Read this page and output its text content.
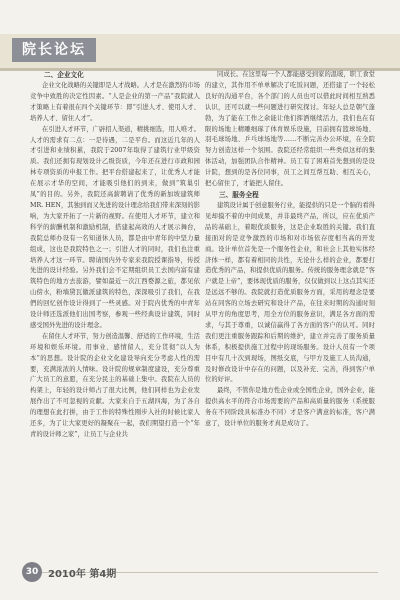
院长论坛
二、企业文化

企业文化战略的关键即是人才战略。人才是在激烈的市场竞争中致胜的决定性因素。“人是企业的第一产品”我院就人才策略上有着很在四个关键环节：即“引进人才、使用人才、培养人才、留住人才”。

在引进人才环节，广辟招人渠道，精挑细选，用人唯才。人才的需求有二点：一是待遇，二是平台。而这近几年的人才引进和业绩积累，我院于2007年取得了建筑行业甲级资质。我们还拥有现划设计乙级资质，今年还在进行市政和园林专项资质的申报工作。把平台搭建起来了，让优秀人才能在展示才华的空间，才能吸引他们的到来，做到“筑巢引凤”的目的。另外，我院还高薪聘请了优秀的新加坡建筑师MR. HEN，其独到而又先进的设计理念给我们带来深刻的影响，为大家开拓了一片新的视野。在使用人才环节，建立和科学的薪酬机制和激励机制，搭建起高效的人才展示舞台，我院总师办设有一名知道休人员，都是由中青年的中坚力量组成，这也是我院特色之一；引进人才的同时，我们也注重培养人才这一环节。聘请国内外专家来我院授课指导，传授先进的设计经验。另外我们会不定期组织员工去国内富有建筑特色的地方去旅游，譬如最近一次江西婺源之旅，都见依山傍水，粉墙黛瓦徽派建筑的特色，深深吸引了我们，在我們的回忆创作设计得到了一些灵感。对于院内优秀的中青年设计师还选派他们出国考察，参观一些经典设计建筑，同时感受国外先进的设计理念。

在留住人才环节，努力创造温馨、舒适的工作环境，生活环境和娱乐环境。用事业、感情留人，充分贯彻“以人为本”的思想。设计院的企业文化建设导向充分考虑人性的需要，充满浓浓的人情味。设计院的规章制度建设，充分尊重广大员工的意愿，在充分民主的基础上集中。我院在人员的构架上，年轻的设计师占了很大比例，他们同样也为企业发展作出了不可忽视的贡献。大家来自于五湖四海，为了各自的理想在此打拼，由于工作的特殊性刚步入社的时候比家人还多，为了让大家更好的凝聚在一起，我们期望打造一个“年青的设计师之家”，让员工与企业共

同成长。在这里每一个人都能感受到家的温暖，职工食堂的建立，其作用不单单解决了吃饭问题，还搭建了一个轻松良好的沟通平台，各个部门的人员也可以借此时间相互熟悉认识，还可以就一些问题进行研究探讨。年轻人总是朝气蓬勃，为了能在工作之余能让他们挥洒继续活力，我们也在有限的场地上精雕细琢了体育娱乐设施，目前拥有篮球场地、羽毛球场地、乒乓球场地等……不断完善办公环境，在全院努力创造这样一个氛围。我院还经常组织一些类似这样的集体活动，加强团队合作精神。员工有了困难首先想到的是设计院，想到的是各位同事，员工之间互帮互助、相互关心，把心留住了，才能把人留住。

三、服务全程

建筑设计属于创意服务行业，能提供的只是一个脑的看得见却摸不着的中间成果，并非最终产品，所以，应在优质产品的基础上，着眼优质服务，这是企业取胜的关键。我们直接面对的是竞争激烈的市场和对市场依存度相当高的开发商。设计单位首先是一个服务性企业，和社会上其他实体经济体一样，都有着相同的共性，无论什么样的企业，都要打造优秀的产品，和提供优质的服务。传统的服务理念就是“客户就是上帝”，要体现优质的服务，仅仅做到以上这点其实还是远远不够的。我院就打造优质服务方面，采用的理念是要站在同客的立场去研究和设计产品，在往来时期的沟通时刻从甲方的角度思考，用全方位的服务意识，满足各方面的需求，与其于尊重，以诚信赢得了各方面的客户的认可。同时我们更注重服务跟踪和后期的维护，建立并完善了服务质量体系，积极提供施工过程中的现场服务。设计人员有一个项目中有几十次到现场，图纸交底，与甲方及施工人员沟通，及时修改设计中存在的问题，以及补充、完善，得到客户单位的好评。

最终，不管你是地方性企业或全国性企业，国外企业，能提供高水平的符合市场需要的产品和高质量的服务（系统服务在不同阶段具标准办不同）才是客户满意的标准，客户满意了，设计单位的服务才真是成功了。

30 2010年 第4期
